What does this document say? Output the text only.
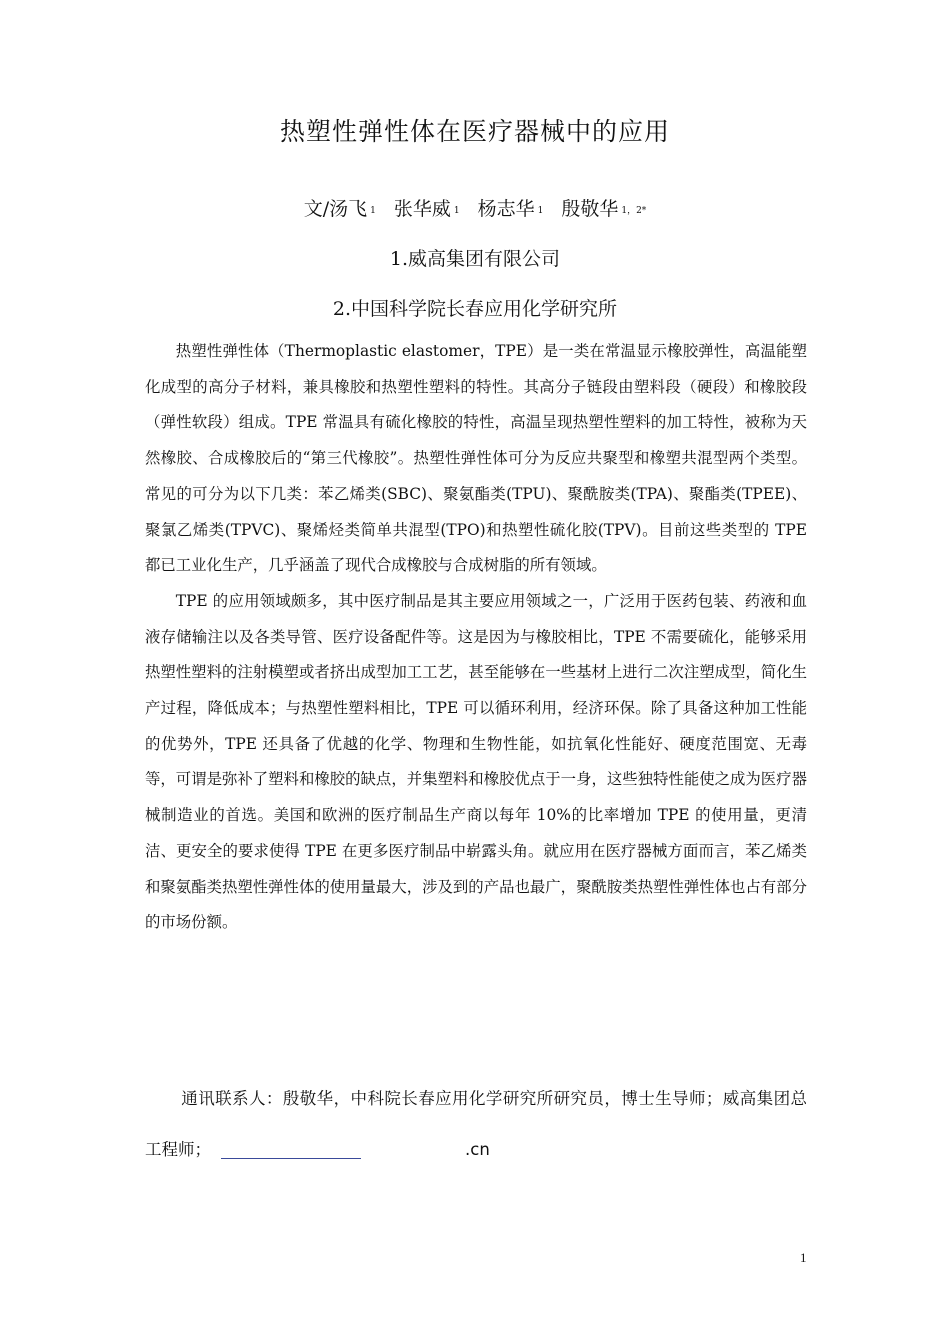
热塑性弹性体在医疗器械中的应用
文/汤飞 $^1$ 张华威 $^1$ 杨志华 $^1$ 殷敬华 $^{1,2*}$
1.威高集团有限公司
2.中国科学院长春应用化学研究所

热塑性弹性体（Thermoplastic elastomer，TPE）是一类在常温显示橡胶弹性，高温能塑化成型的高分子材料，兼具橡胶和热塑性塑料的特性。其高分子链段由塑料段（硬段）和橡胶段（弹性软段）组成。TPE 常温具有硫化橡胶的特性，高温呈现热塑性塑料的加工特性，被称为天然橡胶、合成橡胶后的“第三代橡胶”。热塑性弹性体可分为反应共聚型和橡塑共混型两个类型。常见的可分为以下几类：苯乙烯类(SBC)、聚氨酯类(TPU)、聚酰胺类(TPA)、聚酯类(TPEE)、聚氯乙烯类(TPVC)、聚烯烃类简单共混型(TPO)和热塑性硫化胶(TPV)。目前这些类型的 TPE 都已工业化生产，几乎涵盖了现代合成橡胶与合成树脂的所有领域。

TPE 的应用领域颇多，其中医疗制品是其主要应用领域之一，广泛用于医药包装、药液和血液存储输注以及各类导管、医疗设备配件等。这是因为与橡胶相比，TPE 不需要硫化，能够采用热塑性塑料的注射模塑或者挤出成型加工工艺，甚至能够在一些基材上进行二次注塑成型，简化生产过程，降低成本；与热塑性塑料相比，TPE 可以循环利用，经济环保。除了具备这种加工性能的优势外，TPE 还具备了优越的化学、物理和生物性能，如抗氧化性能好、硬度范围宽、无毒等，可谓是弥补了塑料和橡胶的缺点，并集塑料和橡胶优点于一身，这些独特性能使之成为医疗器械制造业的首选。美国和欧洲的医疗制品生产商以每年 10%的比率增加 TPE 的使用量，更清洁、更安全的要求使得 TPE 在更多医疗制品中崭露头角。就应用在医疗器械方面而言，苯乙烯类和聚氨酯类热塑性弹性体的使用量最大，涉及到的产品也最广，聚酰胺类热塑性弹性体也占有部分的市场份额。

通讯联系人：殷敬华，中科院长春应用化学研究所研究员，博士生导师；威高集团总工程师；	.cn

1
